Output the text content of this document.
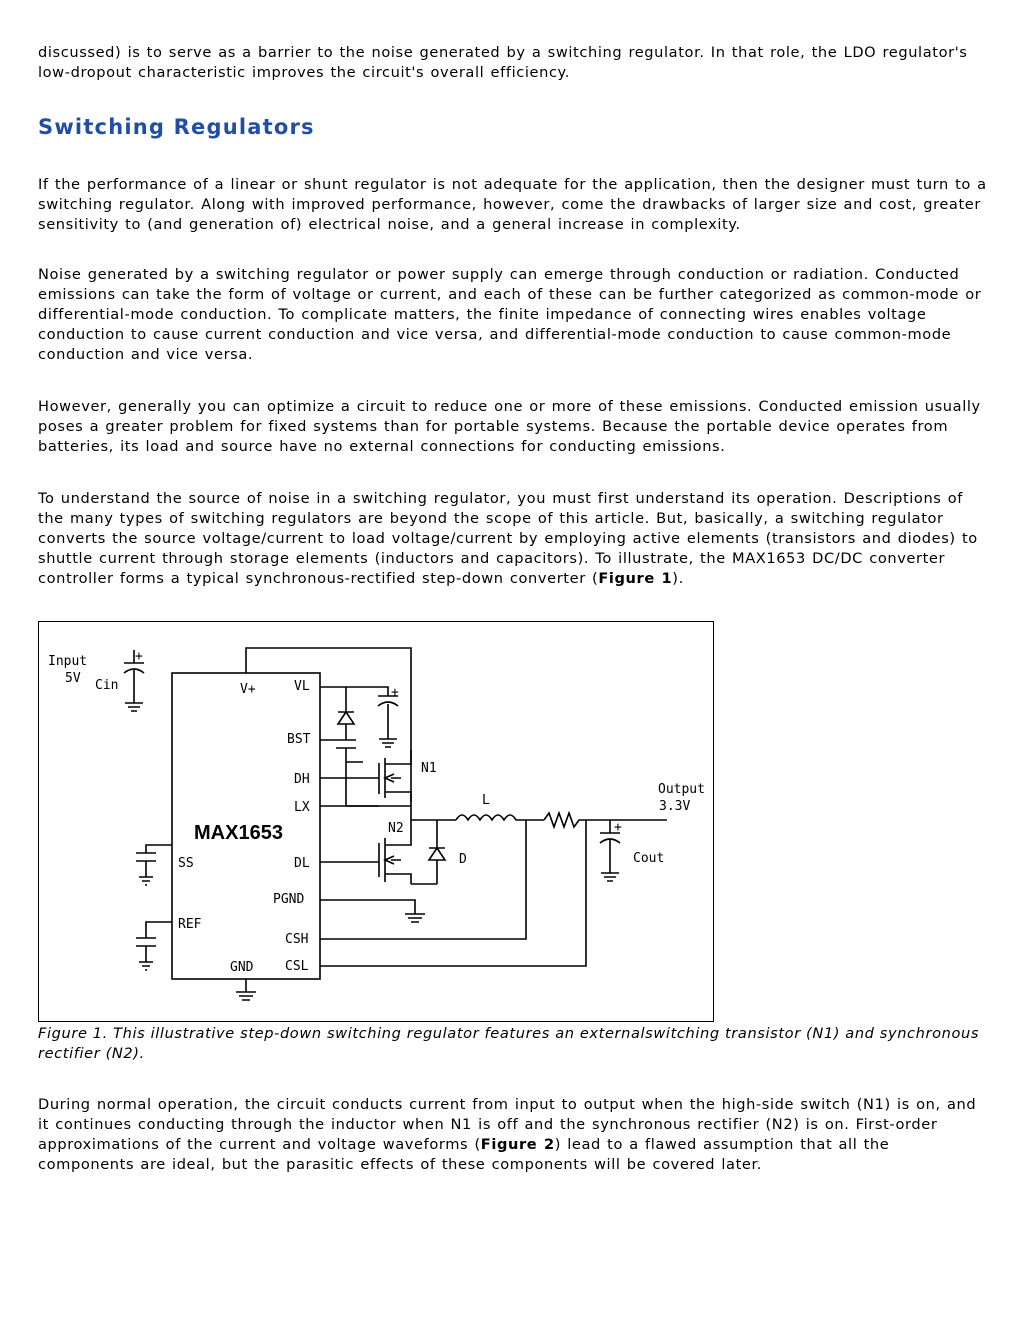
discussed) is to serve as a barrier to the noise generated by a switching regulator. In that role, the LDO regulator's low-dropout characteristic improves the circuit's overall efficiency.

Switching Regulators

If the performance of a linear or shunt regulator is not adequate for the application, then the designer must turn to a switching regulator. Along with improved performance, however, come the drawbacks of larger size and cost, greater sensitivity to (and generation of) electrical noise, and a general increase in complexity.

Noise generated by a switching regulator or power supply can emerge through conduction or radiation. Conducted emissions can take the form of voltage or current, and each of these can be further categorized as common-mode or differential-mode conduction. To complicate matters, the finite impedance of connecting wires enables voltage conduction to cause current conduction and vice versa, and differential-mode conduction to cause common-mode conduction and vice versa.

However, generally you can optimize a circuit to reduce one or more of these emissions. Conducted emission usually poses a greater problem for fixed systems than for portable systems. Because the portable device operates from batteries, its load and source have no external connections for conducting emissions.

To understand the source of noise in a switching regulator, you must first understand its operation. Descriptions of the many types of switching regulators are beyond the scope of this article. But, basically, a switching regulator converts the source voltage/current to load voltage/current by employing active elements (transistors and diodes) to shuttle current through storage elements (inductors and capacitors). To illustrate, the MAX1653 DC/DC converter controller forms a typical synchronous-rectified step-down converter (Figure 1).

MAX1653
VL
BST
DH
LX
DL
PGND
CSH
CSL
V+
SS
REF
GND
Input
5V Cin
+
+
N1
N2
D
L
Output
3.3V
+
Cout
Figure 1. This illustrative step-down switching regulator features an externalswitching transistor (N1) and synchronous rectifier (N2).

During normal operation, the circuit conducts current from input to output when the high-side switch (N1) is on, and it continues conducting through the inductor when N1 is off and the synchronous rectifier (N2) is on. First-order approximations of the current and voltage waveforms (Figure 2) lead to a flawed assumption that all the components are ideal, but the parasitic effects of these components will be covered later.
